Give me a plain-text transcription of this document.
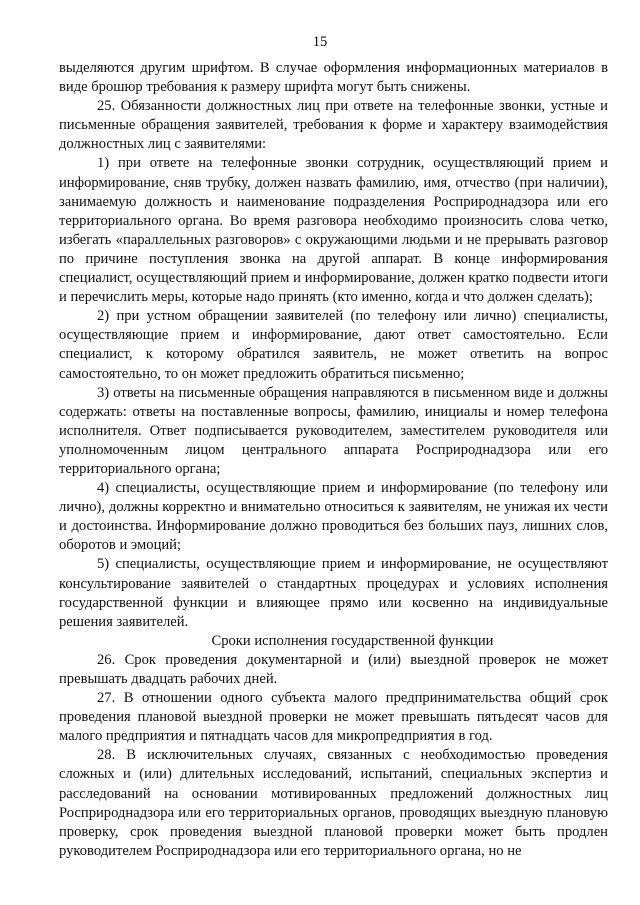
15

выделяются другим шрифтом. В случае оформления информационных материалов в виде брошюр требования к размеру шрифта могут быть снижены.

25. Обязанности должностных лиц при ответе на телефонные звонки, устные и письменные обращения заявителей, требования к форме и характеру взаимодействия должностных лиц с заявителями:

1) при ответе на телефонные звонки сотрудник, осуществляющий прием и информирование, сняв трубку, должен назвать фамилию, имя, отчество (при наличии), занимаемую должность и наименование подразделения Росприроднадзора или его территориального органа. Во время разговора необходимо произносить слова четко, избегать «параллельных разговоров» с окружающими людьми и не прерывать разговор по причине поступления звонка на другой аппарат. В конце информирования специалист, осуществляющий прием и информирование, должен кратко подвести итоги и перечислить меры, которые надо принять (кто именно, когда и что должен сделать);

2) при устном обращении заявителей (по телефону или лично) специалисты, осуществляющие прием и информирование, дают ответ самостоятельно. Если специалист, к которому обратился заявитель, не может ответить на вопрос самостоятельно, то он может предложить обратиться письменно;

3) ответы на письменные обращения направляются в письменном виде и должны содержать: ответы на поставленные вопросы, фамилию, инициалы и номер телефона исполнителя. Ответ подписывается руководителем, заместителем руководителя или уполномоченным лицом центрального аппарата Росприроднадзора или его территориального органа;

4) специалисты, осуществляющие прием и информирование (по телефону или лично), должны корректно и внимательно относиться к заявителям, не унижая их чести и достоинства. Информирование должно проводиться без больших пауз, лишних слов, оборотов и эмоций;

5) специалисты, осуществляющие прием и информирование, не осуществляют консультирование заявителей о стандартных процедурах и условиях исполнения государственной функции и влияющее прямо или косвенно на индивидуальные решения заявителей.

Сроки исполнения государственной функции

26. Срок проведения документарной и (или) выездной проверок не может превышать двадцать рабочих дней.

27. В отношении одного субъекта малого предпринимательства общий срок проведения плановой выездной проверки не может превышать пятьдесят часов для малого предприятия и пятнадцать часов для микропредприятия в год.

28. В исключительных случаях, связанных с необходимостью проведения сложных и (или) длительных исследований, испытаний, специальных экспертиз и расследований на основании мотивированных предложений должностных лиц Росприроднадзора или его территориальных органов, проводящих выездную плановую проверку, срок проведения выездной плановой проверки может быть продлен руководителем Росприроднадзора или его территориального органа, но не
